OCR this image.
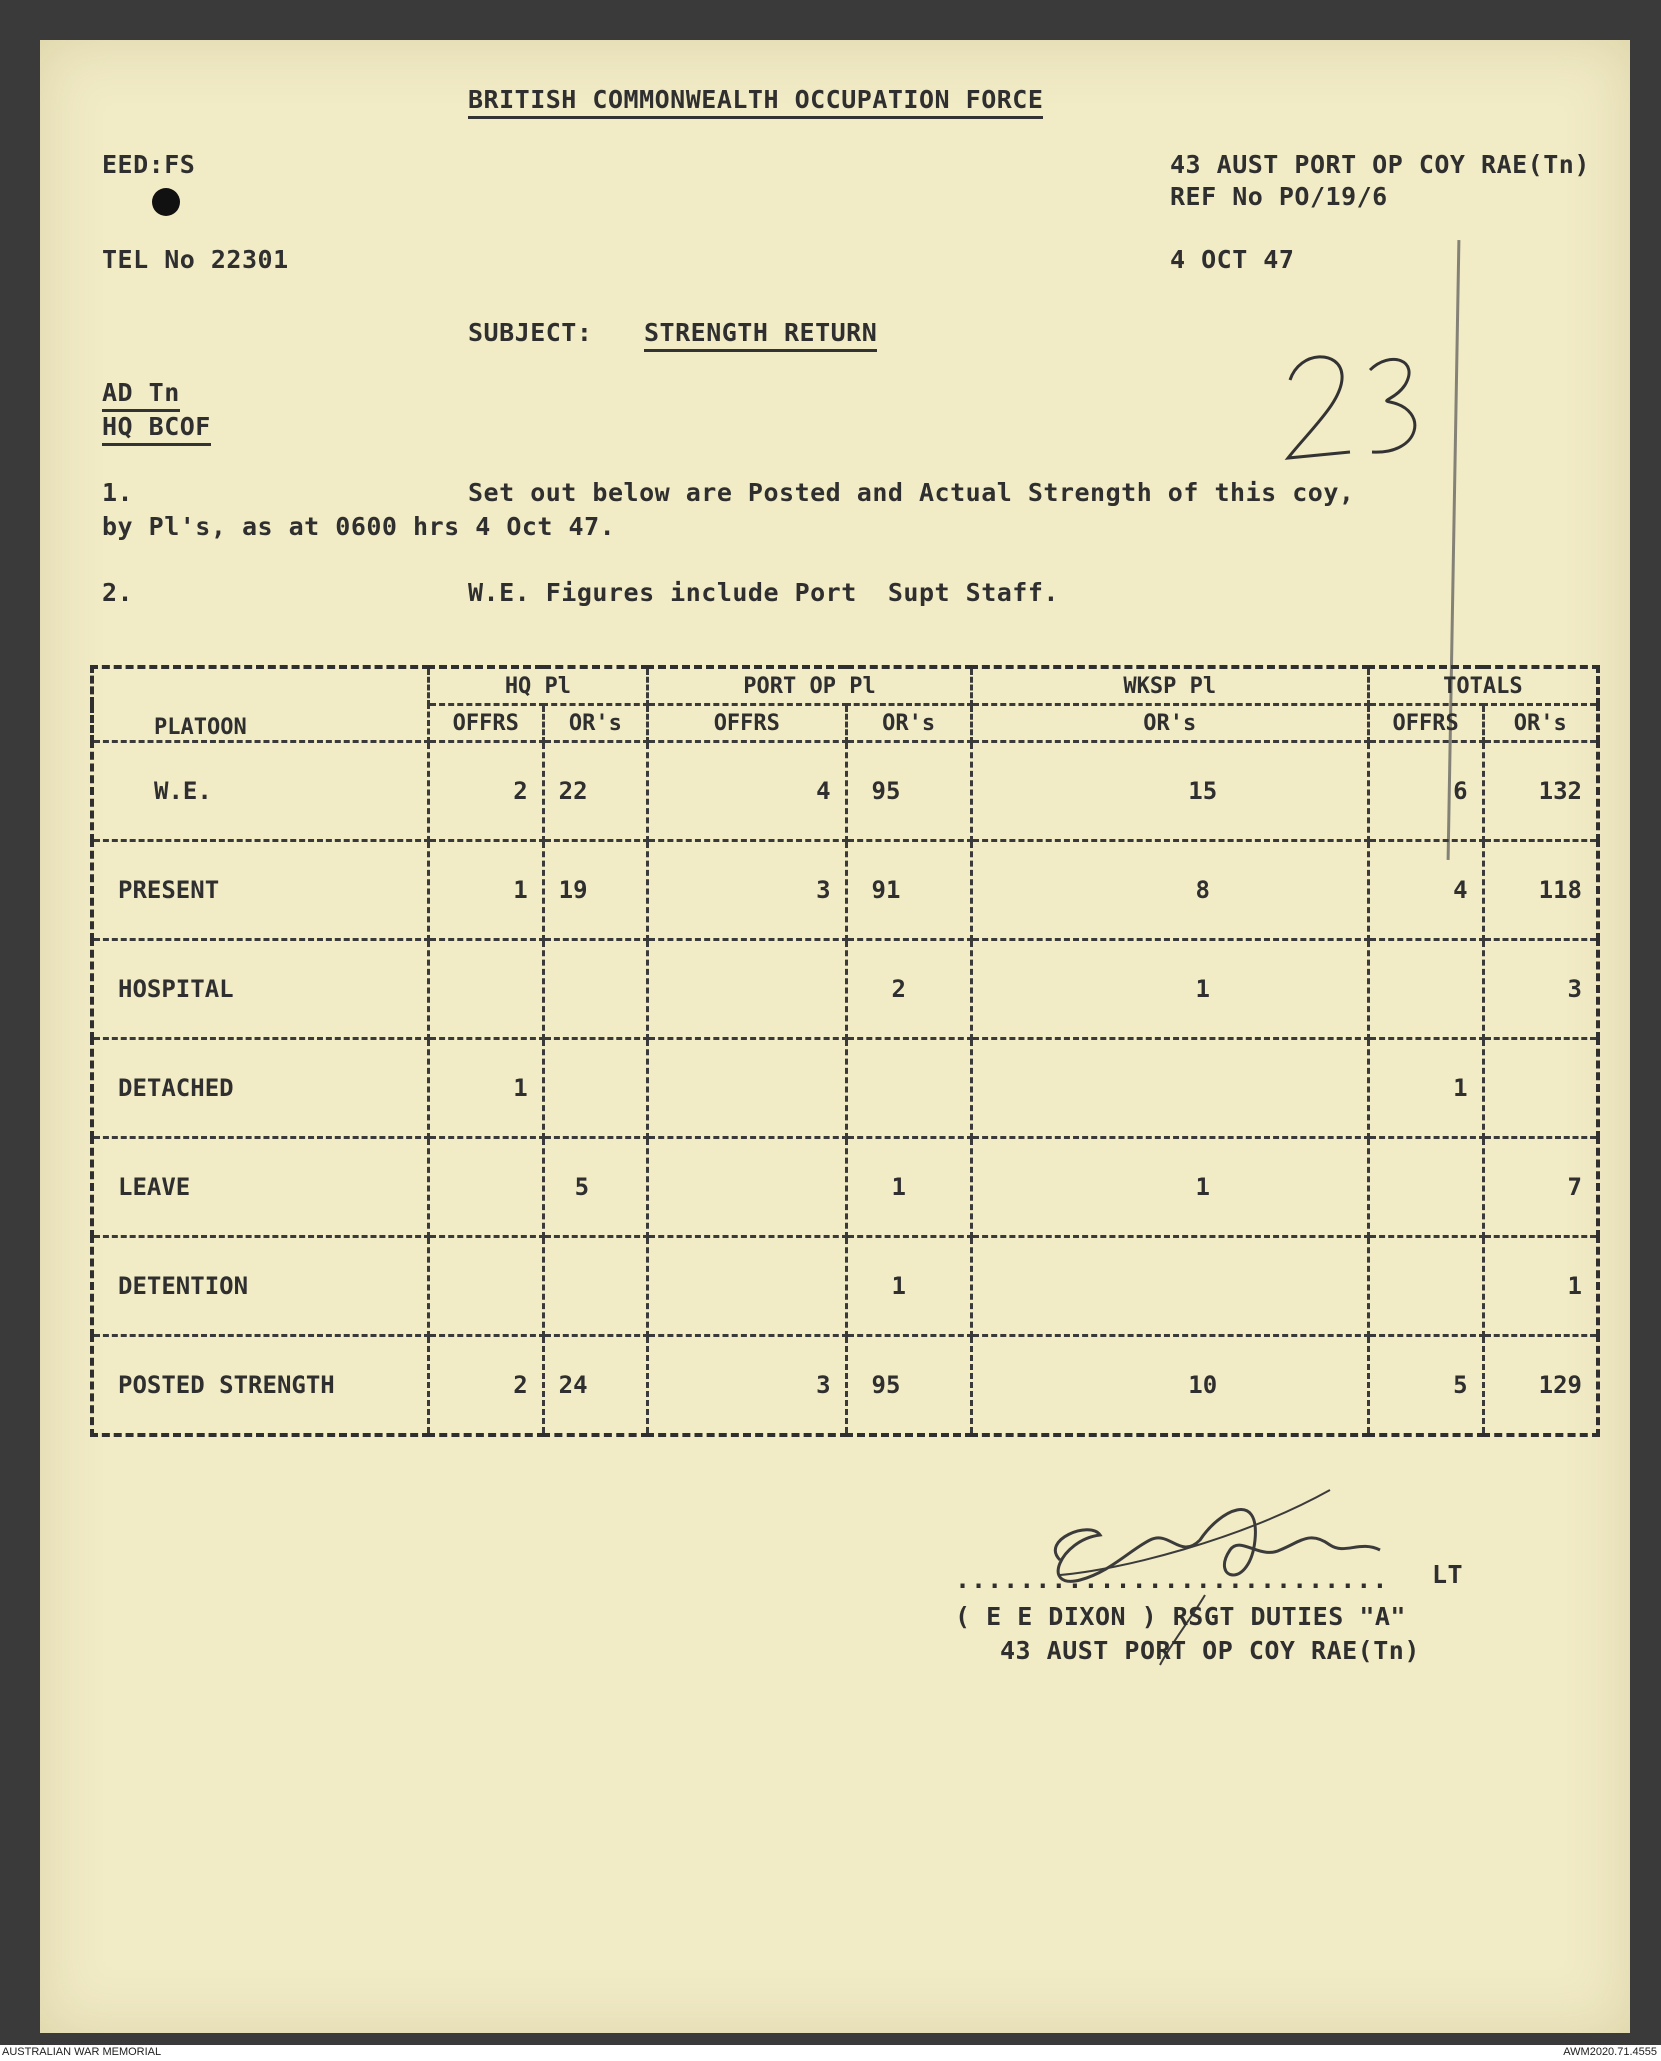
BRITISH COMMONWEALTH OCCUPATION FORCE
EED:FS
TEL No 22301
43 AUST PORT OP COY RAE(Tn)
REF No PO/19/6
4 OCT 47
SUBJECT: STRENGTH RETURN
AD Tn
HQ BCOF
1.	Set out below are Posted and Actual Strength of this coy,
by Pl's, as at 0600 hrs 4 Oct 47.
2.	W.E. Figures include Port  Supt Staff.
PLATOON	HQ Pl		PORT OP Pl		WKSP Pl	TOTALS	
	OFFRS	OR's	OFFRS	OR's	OR's	OFFRS	OR's
W.E.	2	22	4	95	15	6	132
PRESENT	1	19	3	91	8	4	118
HOSPITAL				2	1		3
DETACHED	1					1	
LEAVE		5		1	1		7
DETENTION				1			1
POSTED STRENGTH	2	24	3	95	10	5	129
........................... LT
( E E DIXON ) RSGT DUTIES "A"
43 AUST PORT OP COY RAE(Tn)
AUSTRALIAN WAR MEMORIAL	AWM2020.71.4555
